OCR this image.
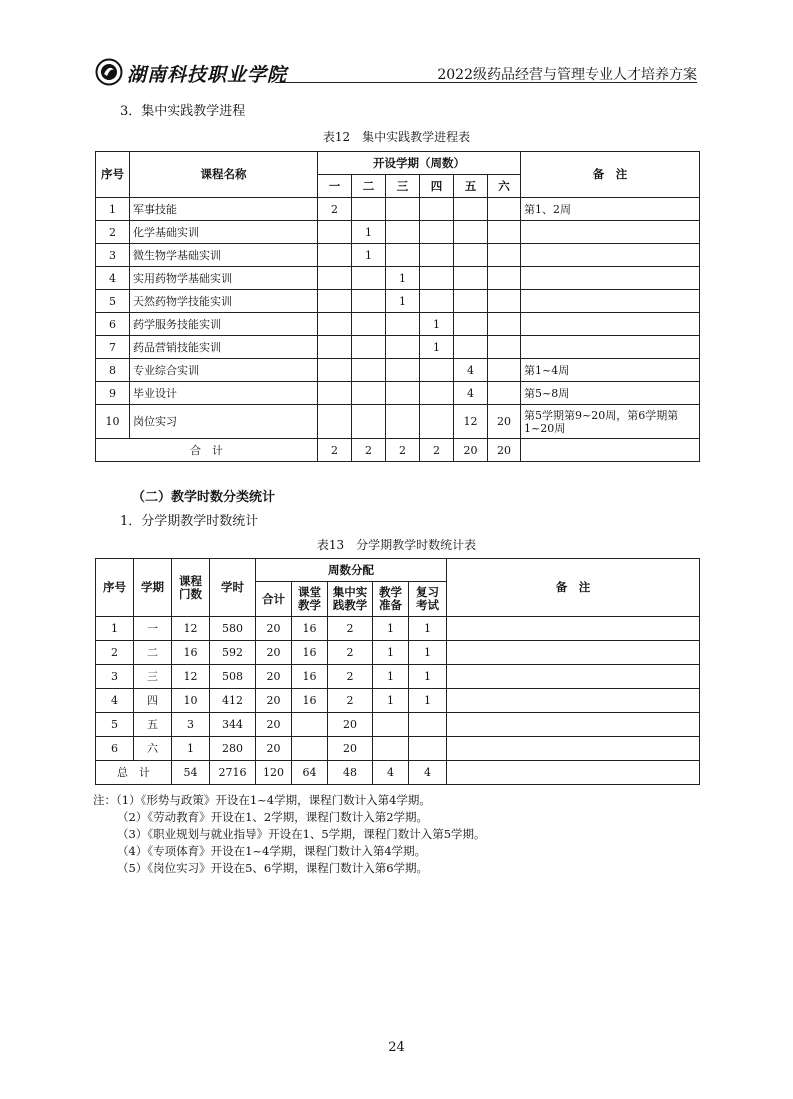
湖南科技职业学院	2022级药品经营与管理专业人才培养方案
3．集中实践教学进程
表12　集中实践教学进程表
序号	课程名称	开设学期（周数）						备　注
		一	二	三	四	五	六	
1	军事技能	2						第1、2周
2	化学基础实训		1					
3	微生物学基础实训		1					
4	实用药物学基础实训			1				
5	天然药物学技能实训			1				
6	药学服务技能实训				1			
7	药品营销技能实训				1			
8	专业综合实训					4		第1~4周
9	毕业设计					4		第5~8周
10	岗位实习					12	20	第5学期第9~20周，第6学期第1~20周
合　计		2	2	2	2	20	20	
（二）教学时数分类统计
1．分学期教学时数统计
表13　分学期教学时数统计表
序号	学期	课程门数	学时	周数分配					备　注
				合计	课堂教学	集中实践教学	教学准备	复习考试	
1	一	12	580	20	16	2	1	1	
2	二	16	592	20	16	2	1	1	
3	三	12	508	20	16	2	1	1	
4	四	10	412	20	16	2	1	1	
5	五	3	344	20		20			
6	六	1	280	20		20			
总　计		54	2716	120	64	48	4	4	
注：（1）《形势与政策》开设在1~4学期，课程门数计入第4学期。
（2）《劳动教育》开设在1、2学期，课程门数计入第2学期。
（3）《职业规划与就业指导》开设在1、5学期，课程门数计入第5学期。
（4）《专项体育》开设在1~4学期，课程门数计入第4学期。
（5）《岗位实习》开设在5、6学期，课程门数计入第6学期。
24
